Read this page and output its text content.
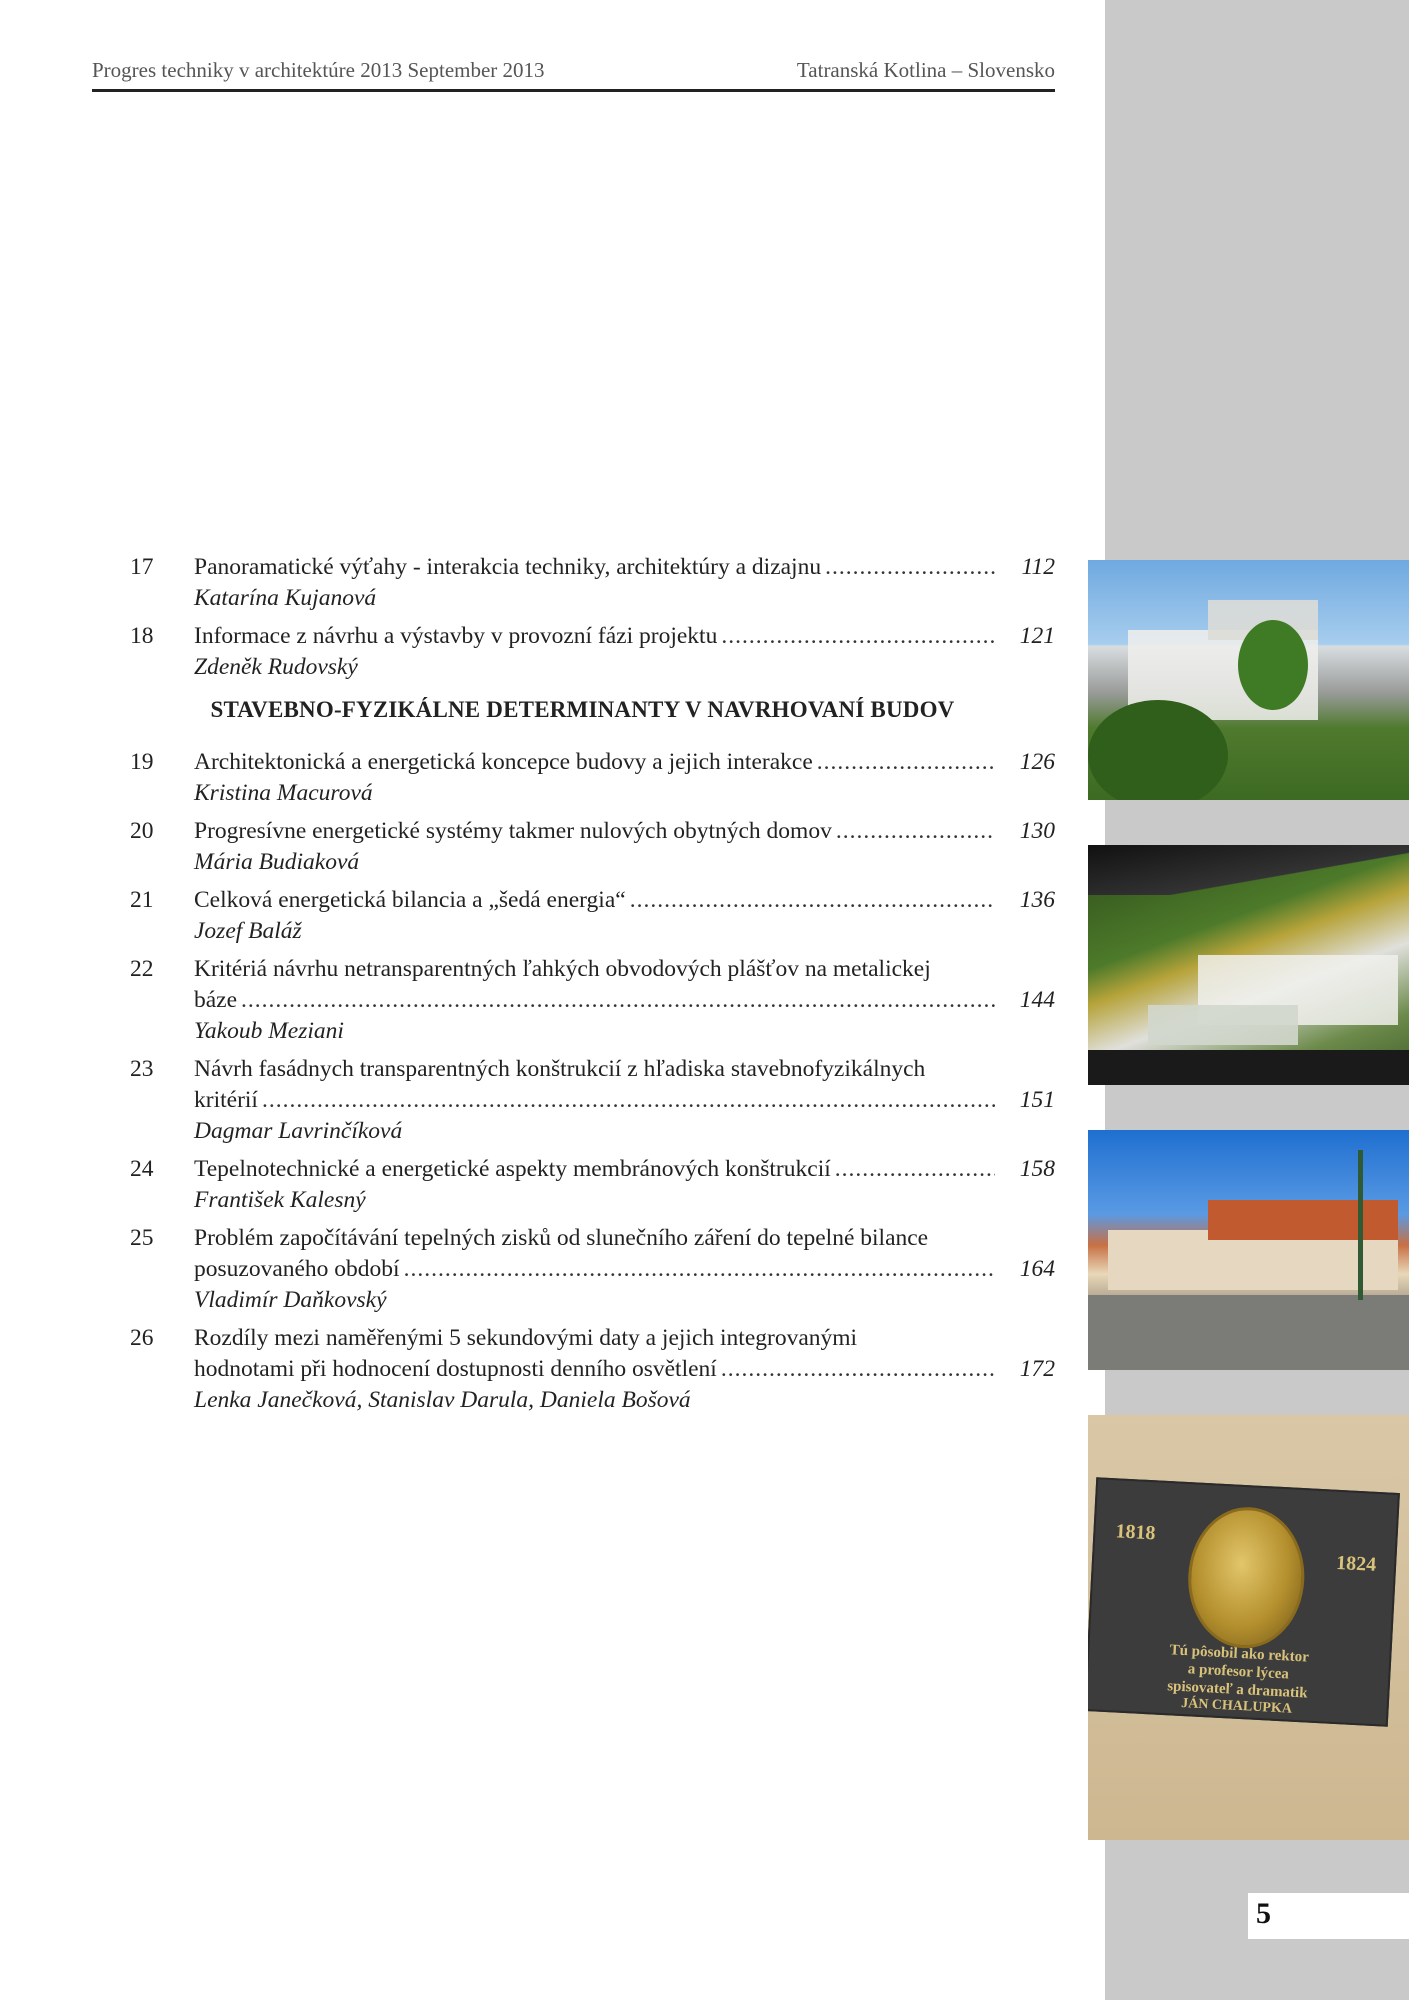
Progres techniky v architektúre 2013 September 2013	Tatranská Kotlina – Slovensko
17	Panoramatické výťahy - interakcia techniky, architektúry a dizajnu .....	112
Katarína Kujanová
18	Informace z návrhu a výstavby v provozní fázi projektu .....	121
Zdeněk Rudovský
STAVEBNO-FYZIKÁLNE DETERMINANTY V NAVRHOVANÍ BUDOV
19	Architektonická a energetická koncepce budovy a jejich interakce .....	126
Kristina Macurová
20	Progresívne energetické systémy takmer nulových obytných domov .....	130
Mária Budiaková
21	Celková energetická bilancia a „šedá energia“ .....	136
Jozef Baláž
22	Kritériá návrhu netransparentných ľahkých obvodových plášťov na metalickej
báze .....	144
Yakoub Meziani
23	Návrh fasádnych transparentných konštrukcií z hľadiska stavebnofyzikálnych
kritérií .....	151
Dagmar Lavrinčíková
24	Tepelnotechnické a energetické aspekty membránových konštrukcií .....	158
František Kalesný
25	Problém započítávání tepelných zisků od slunečního záření do tepelné bilance
posuzovaného období .....	164
Vladimír Daňkovský
26	Rozdíly mezi naměřenými 5 sekundovými daty a jejich integrovanými
hodnotami při hodnocení dostupnosti denního osvětlení .....	172
Lenka Janečková, Stanislav Darula, Daniela Bošová
1818
1824
Tú pôsobil ako rektor
a profesor lýcea
spisovateľ a dramatik
JÁN CHALUPKA
5
